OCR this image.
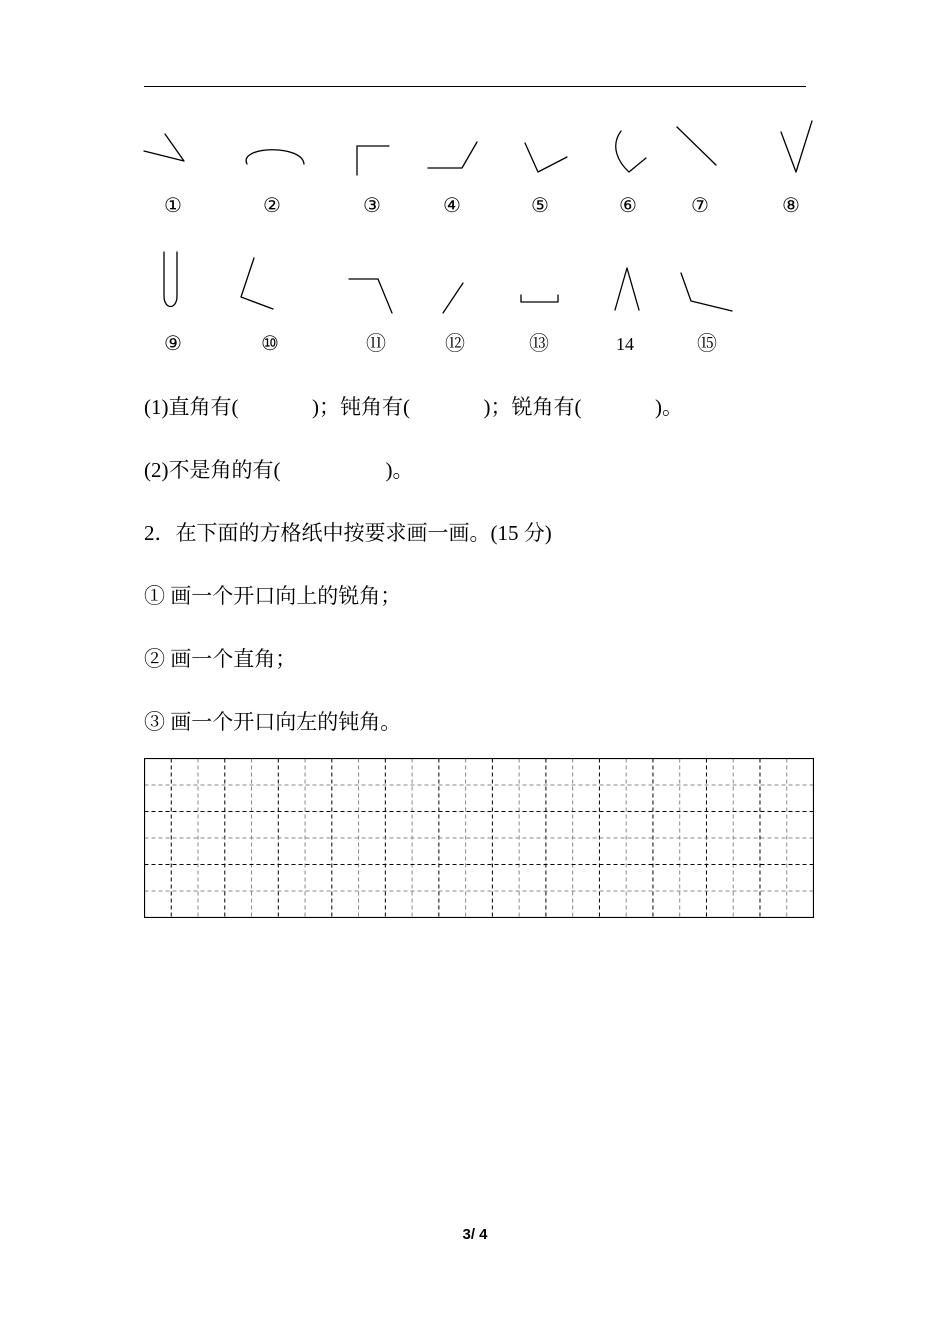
①	②	③	④	⑤	⑥	⑦	⑧
⑨	⑩	⑪	⑫	⑬	14	⑮
(1)直角有(              )；钝角有(              )；锐角有(              )。
(2)不是角的有(                    )。
2．在下面的方格纸中按要求画一画。(15 分)
① 画一个开口向上的锐角；
② 画一个直角；
③ 画一个开口向左的钝角。
3/ 4
